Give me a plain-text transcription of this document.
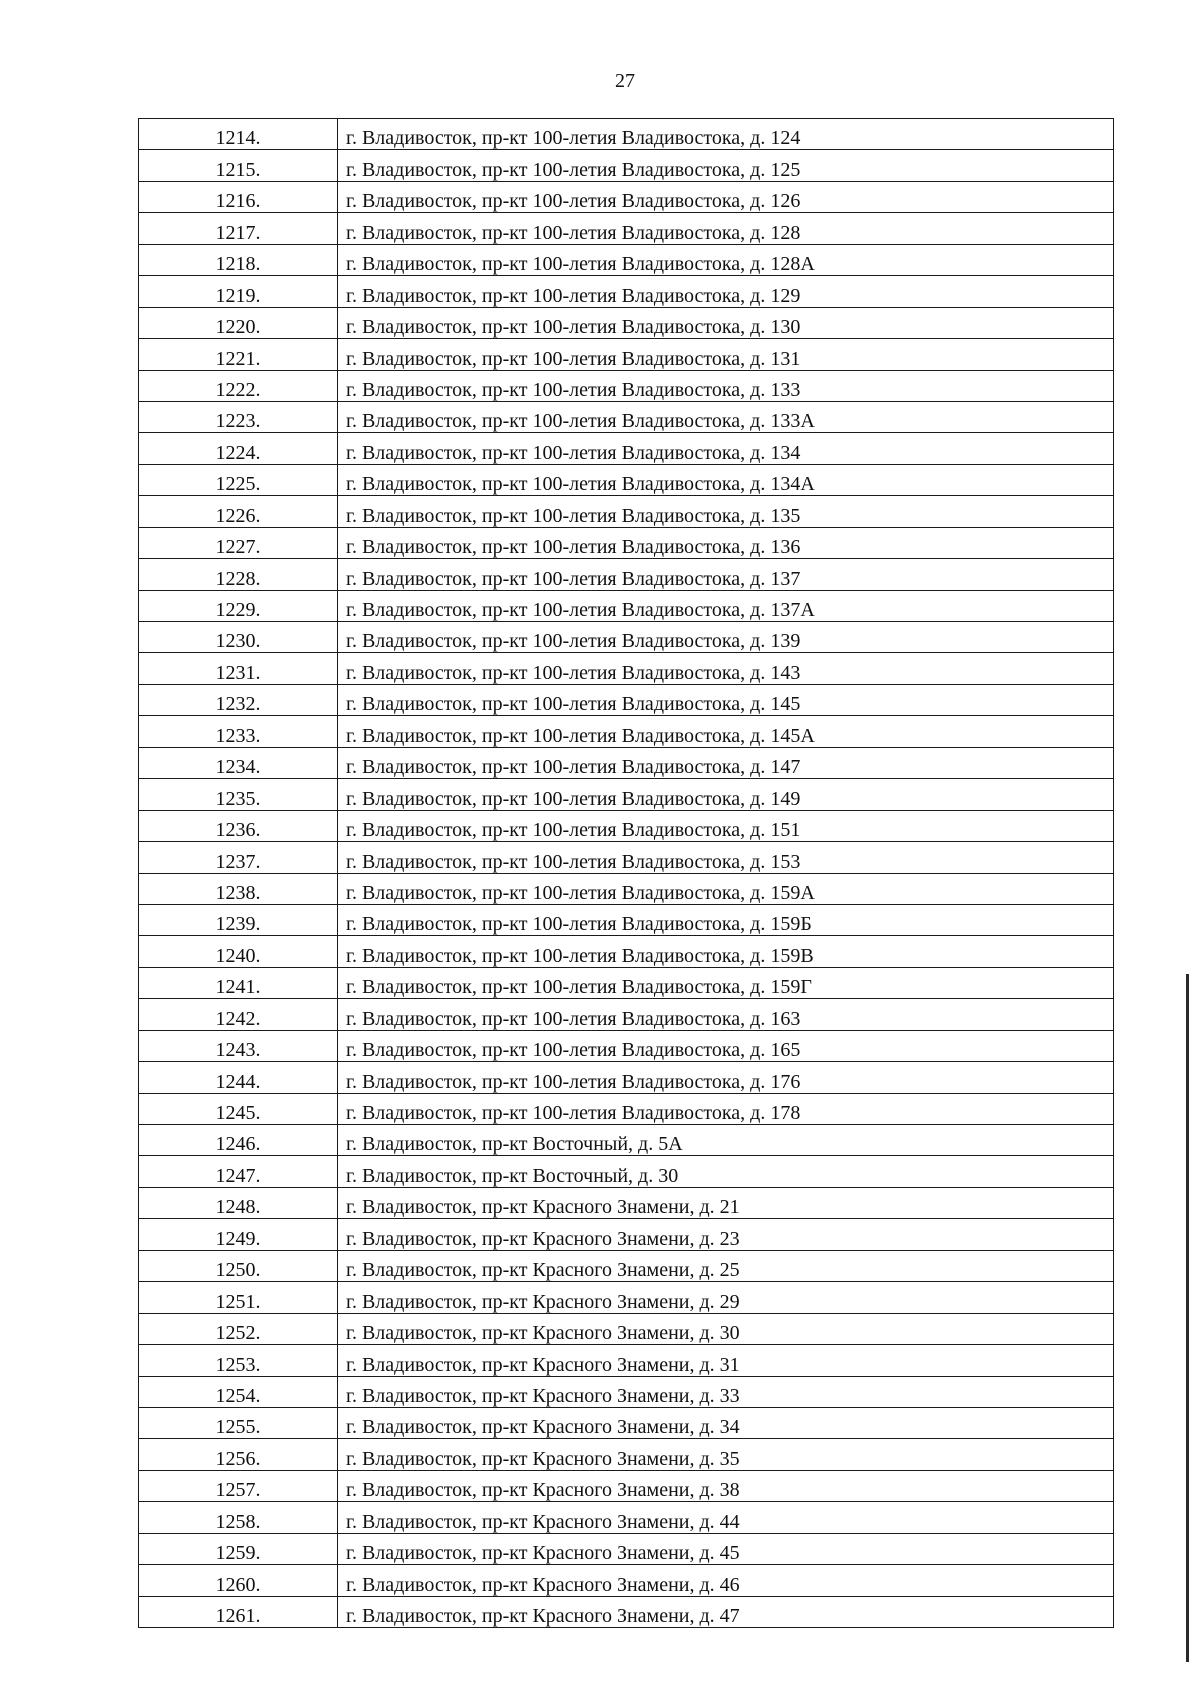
27
1214.	г. Владивосток, пр-кт 100-летия Владивостока, д. 124
1215.	г. Владивосток, пр-кт 100-летия Владивостока, д. 125
1216.	г. Владивосток, пр-кт 100-летия Владивостока, д. 126
1217.	г. Владивосток, пр-кт 100-летия Владивостока, д. 128
1218.	г. Владивосток, пр-кт 100-летия Владивостока, д. 128А
1219.	г. Владивосток, пр-кт 100-летия Владивостока, д. 129
1220.	г. Владивосток, пр-кт 100-летия Владивостока, д. 130
1221.	г. Владивосток, пр-кт 100-летия Владивостока, д. 131
1222.	г. Владивосток, пр-кт 100-летия Владивостока, д. 133
1223.	г. Владивосток, пр-кт 100-летия Владивостока, д. 133А
1224.	г. Владивосток, пр-кт 100-летия Владивостока, д. 134
1225.	г. Владивосток, пр-кт 100-летия Владивостока, д. 134А
1226.	г. Владивосток, пр-кт 100-летия Владивостока, д. 135
1227.	г. Владивосток, пр-кт 100-летия Владивостока, д. 136
1228.	г. Владивосток, пр-кт 100-летия Владивостока, д. 137
1229.	г. Владивосток, пр-кт 100-летия Владивостока, д. 137А
1230.	г. Владивосток, пр-кт 100-летия Владивостока, д. 139
1231.	г. Владивосток, пр-кт 100-летия Владивостока, д. 143
1232.	г. Владивосток, пр-кт 100-летия Владивостока, д. 145
1233.	г. Владивосток, пр-кт 100-летия Владивостока, д. 145А
1234.	г. Владивосток, пр-кт 100-летия Владивостока, д. 147
1235.	г. Владивосток, пр-кт 100-летия Владивостока, д. 149
1236.	г. Владивосток, пр-кт 100-летия Владивостока, д. 151
1237.	г. Владивосток, пр-кт 100-летия Владивостока, д. 153
1238.	г. Владивосток, пр-кт 100-летия Владивостока, д. 159А
1239.	г. Владивосток, пр-кт 100-летия Владивостока, д. 159Б
1240.	г. Владивосток, пр-кт 100-летия Владивостока, д. 159В
1241.	г. Владивосток, пр-кт 100-летия Владивостока, д. 159Г
1242.	г. Владивосток, пр-кт 100-летия Владивостока, д. 163
1243.	г. Владивосток, пр-кт 100-летия Владивостока, д. 165
1244.	г. Владивосток, пр-кт 100-летия Владивостока, д. 176
1245.	г. Владивосток, пр-кт 100-летия Владивостока, д. 178
1246.	г. Владивосток, пр-кт Восточный, д. 5А
1247.	г. Владивосток, пр-кт Восточный, д. 30
1248.	г. Владивосток, пр-кт Красного Знамени, д. 21
1249.	г. Владивосток, пр-кт Красного Знамени, д. 23
1250.	г. Владивосток, пр-кт Красного Знамени, д. 25
1251.	г. Владивосток, пр-кт Красного Знамени, д. 29
1252.	г. Владивосток, пр-кт Красного Знамени, д. 30
1253.	г. Владивосток, пр-кт Красного Знамени, д. 31
1254.	г. Владивосток, пр-кт Красного Знамени, д. 33
1255.	г. Владивосток, пр-кт Красного Знамени, д. 34
1256.	г. Владивосток, пр-кт Красного Знамени, д. 35
1257.	г. Владивосток, пр-кт Красного Знамени, д. 38
1258.	г. Владивосток, пр-кт Красного Знамени, д. 44
1259.	г. Владивосток, пр-кт Красного Знамени, д. 45
1260.	г. Владивосток, пр-кт Красного Знамени, д. 46
1261.	г. Владивосток, пр-кт Красного Знамени, д. 47
